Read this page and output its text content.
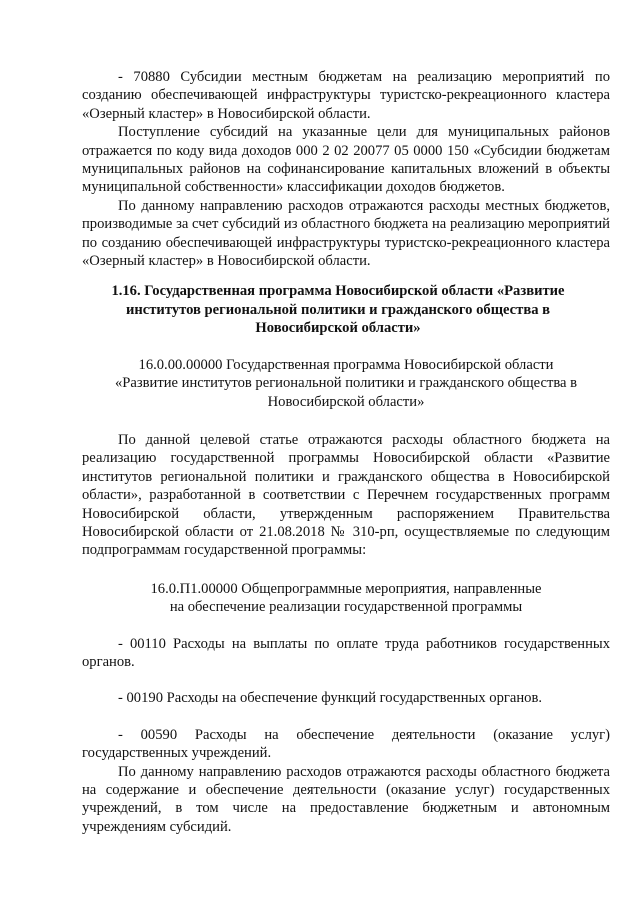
- 70880 Субсидии местным бюджетам на реализацию мероприятий по созданию обеспечивающей инфраструктуры туристско-рекреационного кластера «Озерный кластер» в Новосибирской области.

Поступление субсидий на указанные цели для муниципальных районов отражается по коду вида доходов 000 2 02 20077 05 0000 150 «Субсидии бюджетам муниципальных районов на софинансирование капитальных вложений в объекты муниципальной собственности» классификации доходов бюджетов.

По данному направлению расходов отражаются расходы местных бюджетов, производимые за счет субсидий из областного бюджета на реализацию мероприятий по созданию обеспечивающей инфраструктуры туристско-рекреационного кластера «Озерный кластер» в Новосибирской области.

1.16. Государственная программа Новосибирской области «Развитие
институтов региональной политики и гражданского общества в
Новосибирской области»
16.0.00.00000 Государственная программа Новосибирской области
«Развитие институтов региональной политики и гражданского общества в
Новосибирской области»

По данной целевой статье отражаются расходы областного бюджета на реализацию государственной программы Новосибирской области «Развитие институтов региональной политики и гражданского общества в Новосибирской области», разработанной в соответствии с Перечнем государственных программ Новосибирской области, утвержденным распоряжением Правительства Новосибирской области от 21.08.2018 № 310-рп, осуществляемые по следующим подпрограммам государственной программы:

16.0.П1.00000 Общепрограммные мероприятия, направленные
на обеспечение реализации государственной программы

- 00110 Расходы на выплаты по оплате труда работников государственных органов.

- 00190 Расходы на обеспечение функций государственных органов.

- 00590 Расходы на обеспечение деятельности (оказание услуг) государственных учреждений.

По данному направлению расходов отражаются расходы областного бюджета на содержание и обеспечение деятельности (оказание услуг) государственных учреждений, в том числе на предоставление бюджетным и автономным учреждениям субсидий.
